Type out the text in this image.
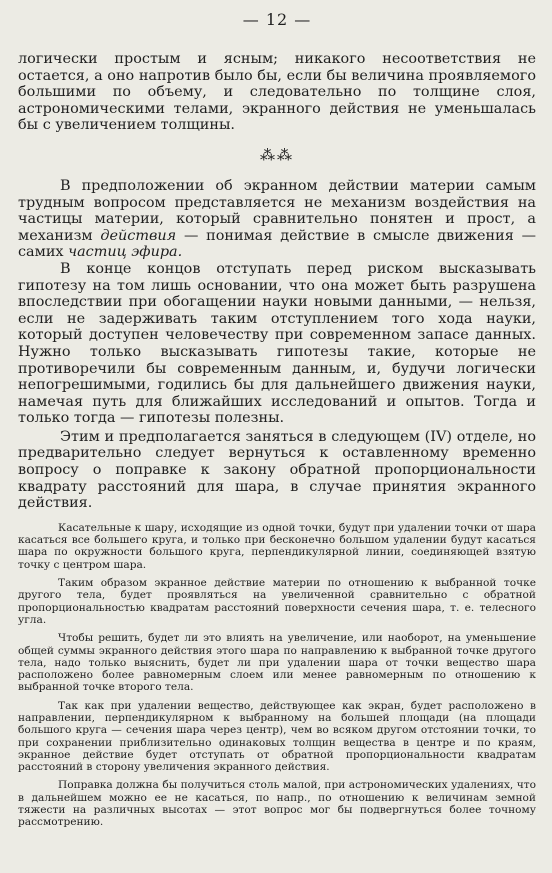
— 12 —

логически простым и ясным; никакого несоответствия не остается, а оно напротив было бы, если бы величина проявляемого большими по объему, и следовательно по толщине слоя, астрономическими телами, экранного действия не уменьшалась бы с увеличением толщины.

⁂⁂

В предположении об экранном действии материи самым трудным вопросом представляется не механизм воздействия на частицы материи, который сравнительно понятен и прост, а механизм действия — понимая действие в смысле движения — самих частиц эфира.

В конце концов отступать перед риском высказывать гипотезу на том лишь основании, что она может быть разрушена впоследствии при обогащении науки новыми данными, — нельзя, если не задерживать таким отступлением того хода науки, который доступен человечеству при современном запасе данных. Нужно только высказывать гипотезы такие, которые не противоречили бы современным данным, и, будучи логически непогрешимыми, годились бы для дальнейшего движения науки, намечая путь для ближайших исследований и опытов. Тогда и только тогда — гипотезы полезны.

Этим и предполагается заняться в следующем (IV) отделе, но предварительно следует вернуться к оставленному временно вопросу о поправке к закону обратной пропорциональности квадрату расстояний для шара, в случае принятия экранного действия.

Касательные к шару, исходящие из одной точки, будут при удалении точки от шара касаться все большего круга, и только при бесконечно большом удалении будут касаться шара по окружности большого круга, перпендикулярной линии, соединяющей взятую точку с центром шара.

Таким образом экранное действие материи по отношению к выбранной точке другого тела, будет проявляться на увеличенной сравнительно с обратной пропорциональностью квадратам расстояний поверхности сечения шара, т. е. телесного угла.

Чтобы решить, будет ли это влиять на увеличение, или наоборот, на уменьшение общей суммы экранного действия этого шара по направлению к выбранной точке другого тела, надо только выяснить, будет ли при удалении шара от точки вещество шара расположено более равномерным слоем или менее равномерным по отношению к выбранной точке второго тела.

Так как при удалении вещество, действующее как экран, будет расположено в направлении, перпендикулярном к выбранному на большей площади (на площади большого круга — сечения шара через центр), чем во всяком другом отстоянии точки, то при сохранении приблизительно одинаковых толщин вещества в центре и по краям, экранное действие будет отступать от обратной пропорциональности квадратам расстояний в сторону увеличения экранного действия.

Поправка должна бы получиться столь малой, при астрономических удалениях, что в дальнейшем можно ее не касаться, по напр., по отношению к величинам земной тяжести на различных высотах — этот вопрос мог бы подвергнуться более точному рассмотрению.
